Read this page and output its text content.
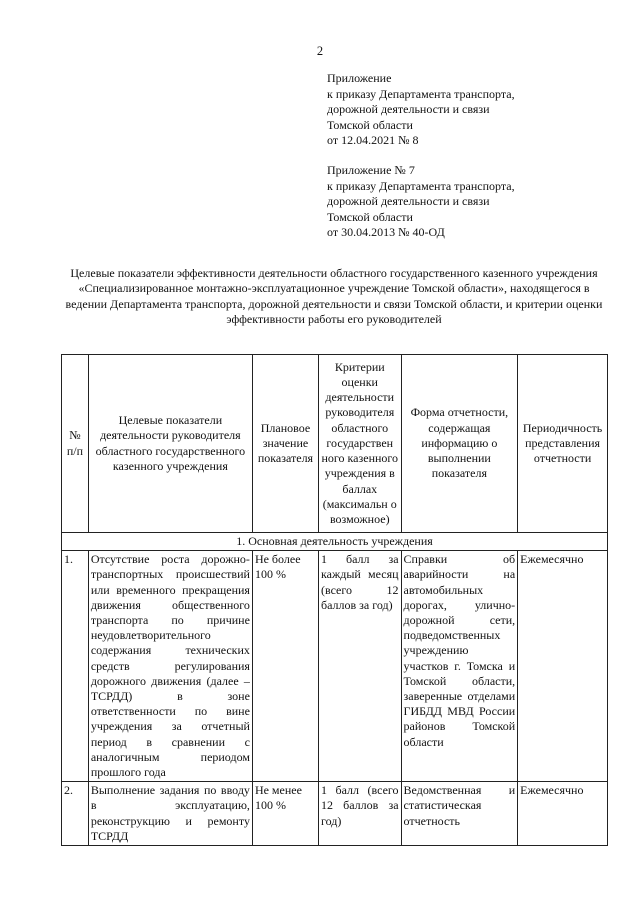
2
Приложение
к приказу Департамента транспорта,
дорожной деятельности и связи
Томской области
от 12.04.2021 № 8
Приложение № 7
к приказу Департамента транспорта,
дорожной деятельности и связи
Томской области
от 30.04.2013 № 40-ОД
Целевые показатели эффективности деятельности областного государственного казенного учреждения «Специализированное монтажно-эксплуатационное учреждение Томской области», находящегося в ведении Департамента транспорта, дорожной деятельности и связи Томской области, и критерии оценки эффективности работы его руководителей
№ п/п	Целевые показатели деятельности руководителя областного государственного казенного учреждения	Плановое значение показателя	Критерии оценки деятельности руководителя областного государствен ного казенного учреждения в баллах (максимальн о возможное)	Форма отчетности, содержащая информацию о выполнении показателя	Периодичность представления отчетности
1. Основная деятельность учреждения					
1.	Отсутствие роста дорожно-транспортных происшествий или временного прекращения движения общественного транспорта по причине неудовлетворительного содержания технических средств регулирования дорожного движения (далее – ТСРДД) в зоне ответственности по вине учреждения за отчетный период в сравнении с аналогичным периодом прошлого года	Не более 100 %	1 балл за каждый месяц (всего 12 баллов за год)	Справки об аварийности на автомобильных дорогах, улично-дорожной сети, подведомственных учреждению участков г. Томска и Томской области, заверенные отделами ГИБДД МВД России районов Томской области	Ежемесячно
2.	Выполнение задания по вводу в эксплуатацию, реконструкцию и ремонту ТСРДД	Не менее 100 %	1 балл (всего 12 баллов за год)	Ведомственная и статистическая отчетность	Ежемесячно
